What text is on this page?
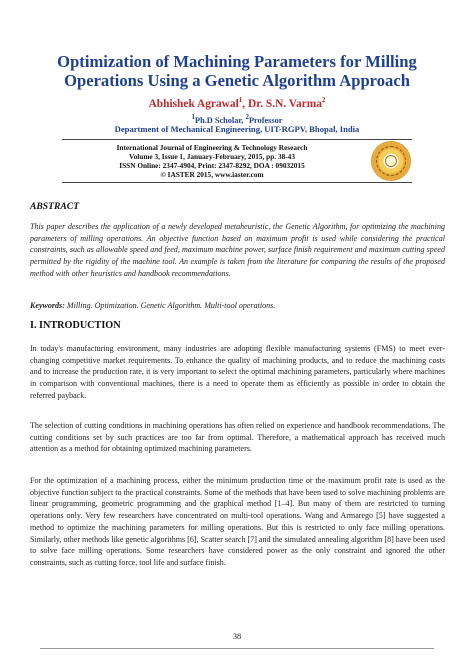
Optimization of Machining Parameters for Milling
Operations Using a Genetic Algorithm Approach
Abhishek Agrawal$^1$, Dr. S.N. Varma$^2$
$^1$Ph.D Scholar, $^2$Professor
Department of Mechanical Engineering, UIT-RGPV, Bhopal, India
International Journal of Engineering & Technology Research
Volume 3, Issue 1, January-February, 2015, pp. 38-43
ISSN Online: 2347-4904, Print: 2347-8292, DOA : 09032015
© IASTER 2015, www.iaster.com
ABSTRACT
This paper describes the application of a newly developed metaheuristic, the Genetic Algorithm, for optimizing the machining parameters of milling operations. An objective function based on maximum profit is used while considering the practical constraints, such as allowable speed and feed, maximum machine power, surface finish requirement and maximum cutting speed permitted by the rigidity of the machine tool. An example is taken from the literature for comparing the results of the proposed method with other heuristics and handbook recommendations.
Keywords: Milling. Optimization. Genetic Algorithm. Multi-tool operations.
I. INTRODUCTION
In today's manufacturing environment, many industries are adopting flexible manufacturing systems (FMS) to meet ever-changing competitive market requirements. To enhance the quality of machining products, and to reduce the machining costs and to increase the production rate, it is very important to select the optimal machining parameters, particularly where machines in comparison with conventional machines, there is a need to operate them as efficiently as possible in order to obtain the referred payback.
The selection of cutting conditions in machining operations has often relied on experience and handbook recommendations. The cutting conditions set by such practices are too far from optimal. Therefore, a mathematical approach has received much attention as a method for obtaining optimized machining parameters.
For the optimization of a machining process, either the minimum production time or the maximum profit rate is used as the objective function subject to the practical constraints. Some of the methods that have been used to solve machining problems are linear programming, geometric programming and the graphical method [1–4]. But many of them are restricted to turning operations only. Very few researchers have concentrated on multi-tool operations. Wang and Armarego [5] have suggested a method to optimize the machining parameters for milling operations. But this is restricted to only face milling operations. Similarly, other methods like genetic algorithms [6], Scatter search [7] and the simulated annealing algorithm [8] have been used to solve face milling operations. Some researchers have considered power as the only constraint and ignored the other constraints, such as cutting force, tool life and surface finish.
38
